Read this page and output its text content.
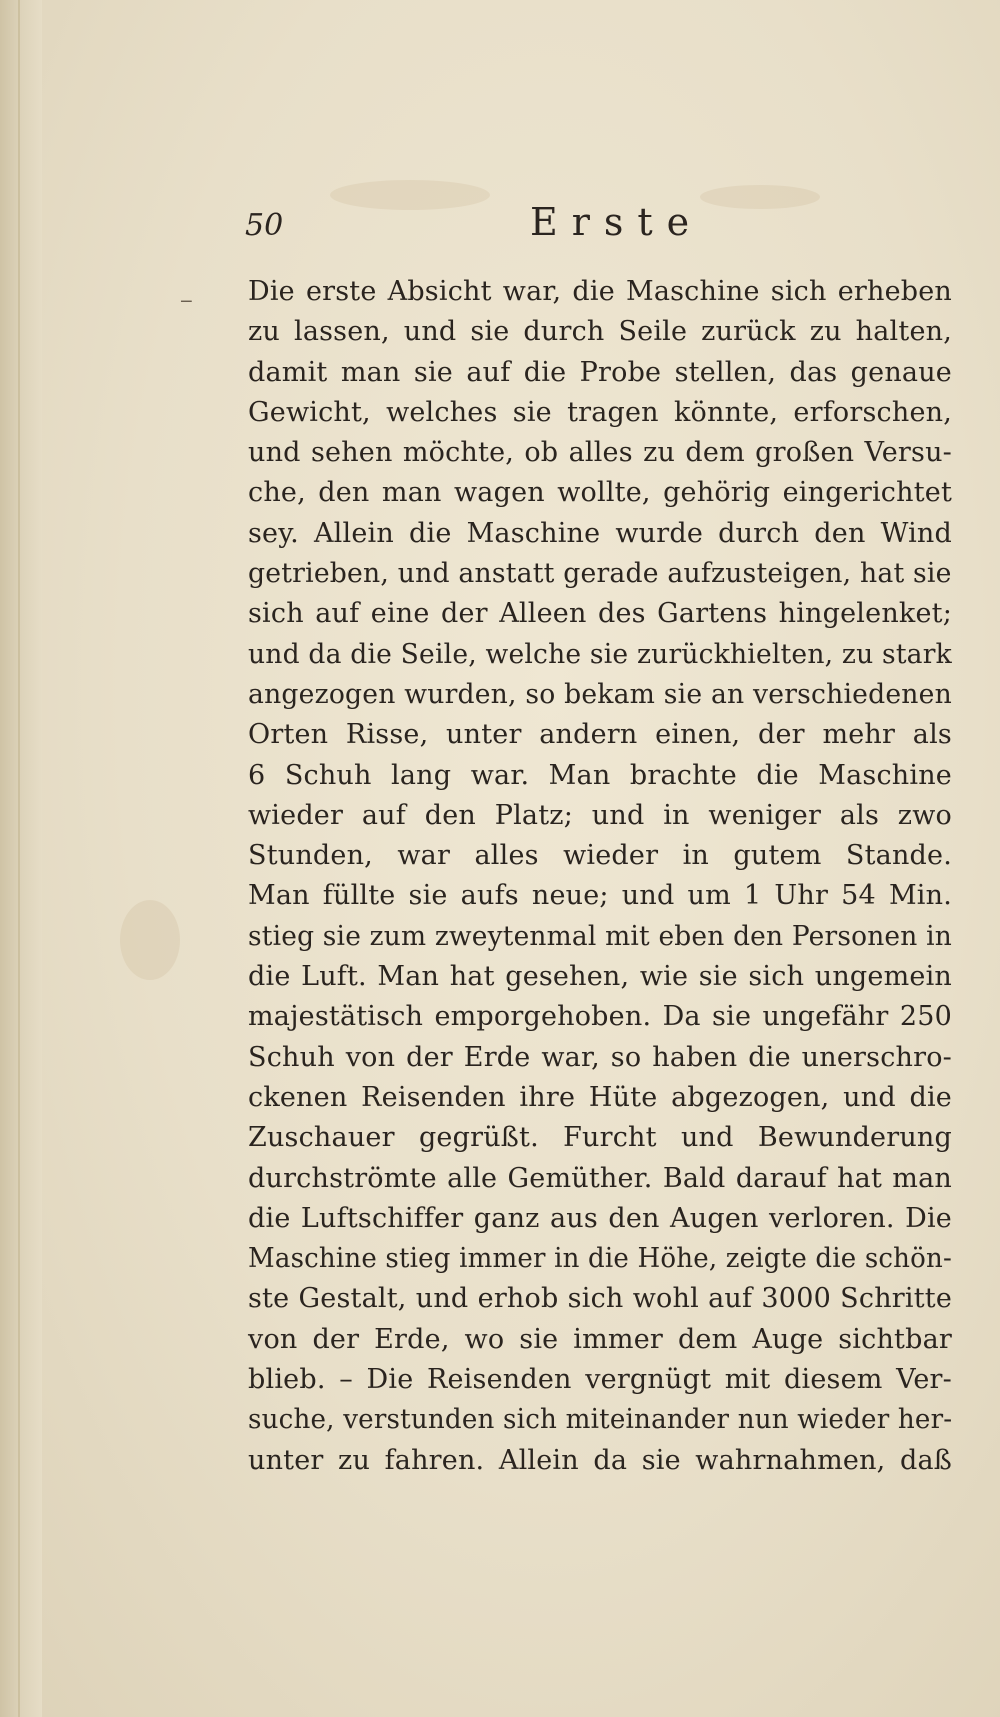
‒
50	Erste
Die erste Absicht war, die Maschine sich erheben
zu lassen, und sie durch Seile zurück zu halten,
damit man sie auf die Probe stellen, das genaue
Gewicht, welches sie tragen könnte, erforschen,
und sehen möchte, ob alles zu dem großen Versu-
che, den man wagen wollte, gehörig eingerichtet
sey. Allein die Maschine wurde durch den Wind
getrieben, und anstatt gerade aufzusteigen, hat sie
sich auf eine der Alleen des Gartens hingelenket;
und da die Seile, welche sie zurückhielten, zu stark
angezogen wurden, so bekam sie an verschiedenen
Orten Risse, unter andern einen, der mehr als
6 Schuh lang war. Man brachte die Maschine
wieder auf den Platz; und in weniger als zwo
Stunden, war alles wieder in gutem Stande.
Man füllte sie aufs neue; und um 1 Uhr 54 Min.
stieg sie zum zweytenmal mit eben den Personen in
die Luft. Man hat gesehen, wie sie sich ungemein
majestätisch emporgehoben. Da sie ungefähr 250
Schuh von der Erde war, so haben die unerschro-
ckenen Reisenden ihre Hüte abgezogen, und die
Zuschauer gegrüßt. Furcht und Bewunderung
durchströmte alle Gemüther. Bald darauf hat man
die Luftschiffer ganz aus den Augen verloren. Die
Maschine stieg immer in die Höhe, zeigte die schön-
ste Gestalt, und erhob sich wohl auf 3000 Schritte
von der Erde, wo sie immer dem Auge sichtbar
blieb. – Die Reisenden vergnügt mit diesem Ver-
suche, verstunden sich miteinander nun wieder her-
unter zu fahren. Allein da sie wahrnahmen, daß
